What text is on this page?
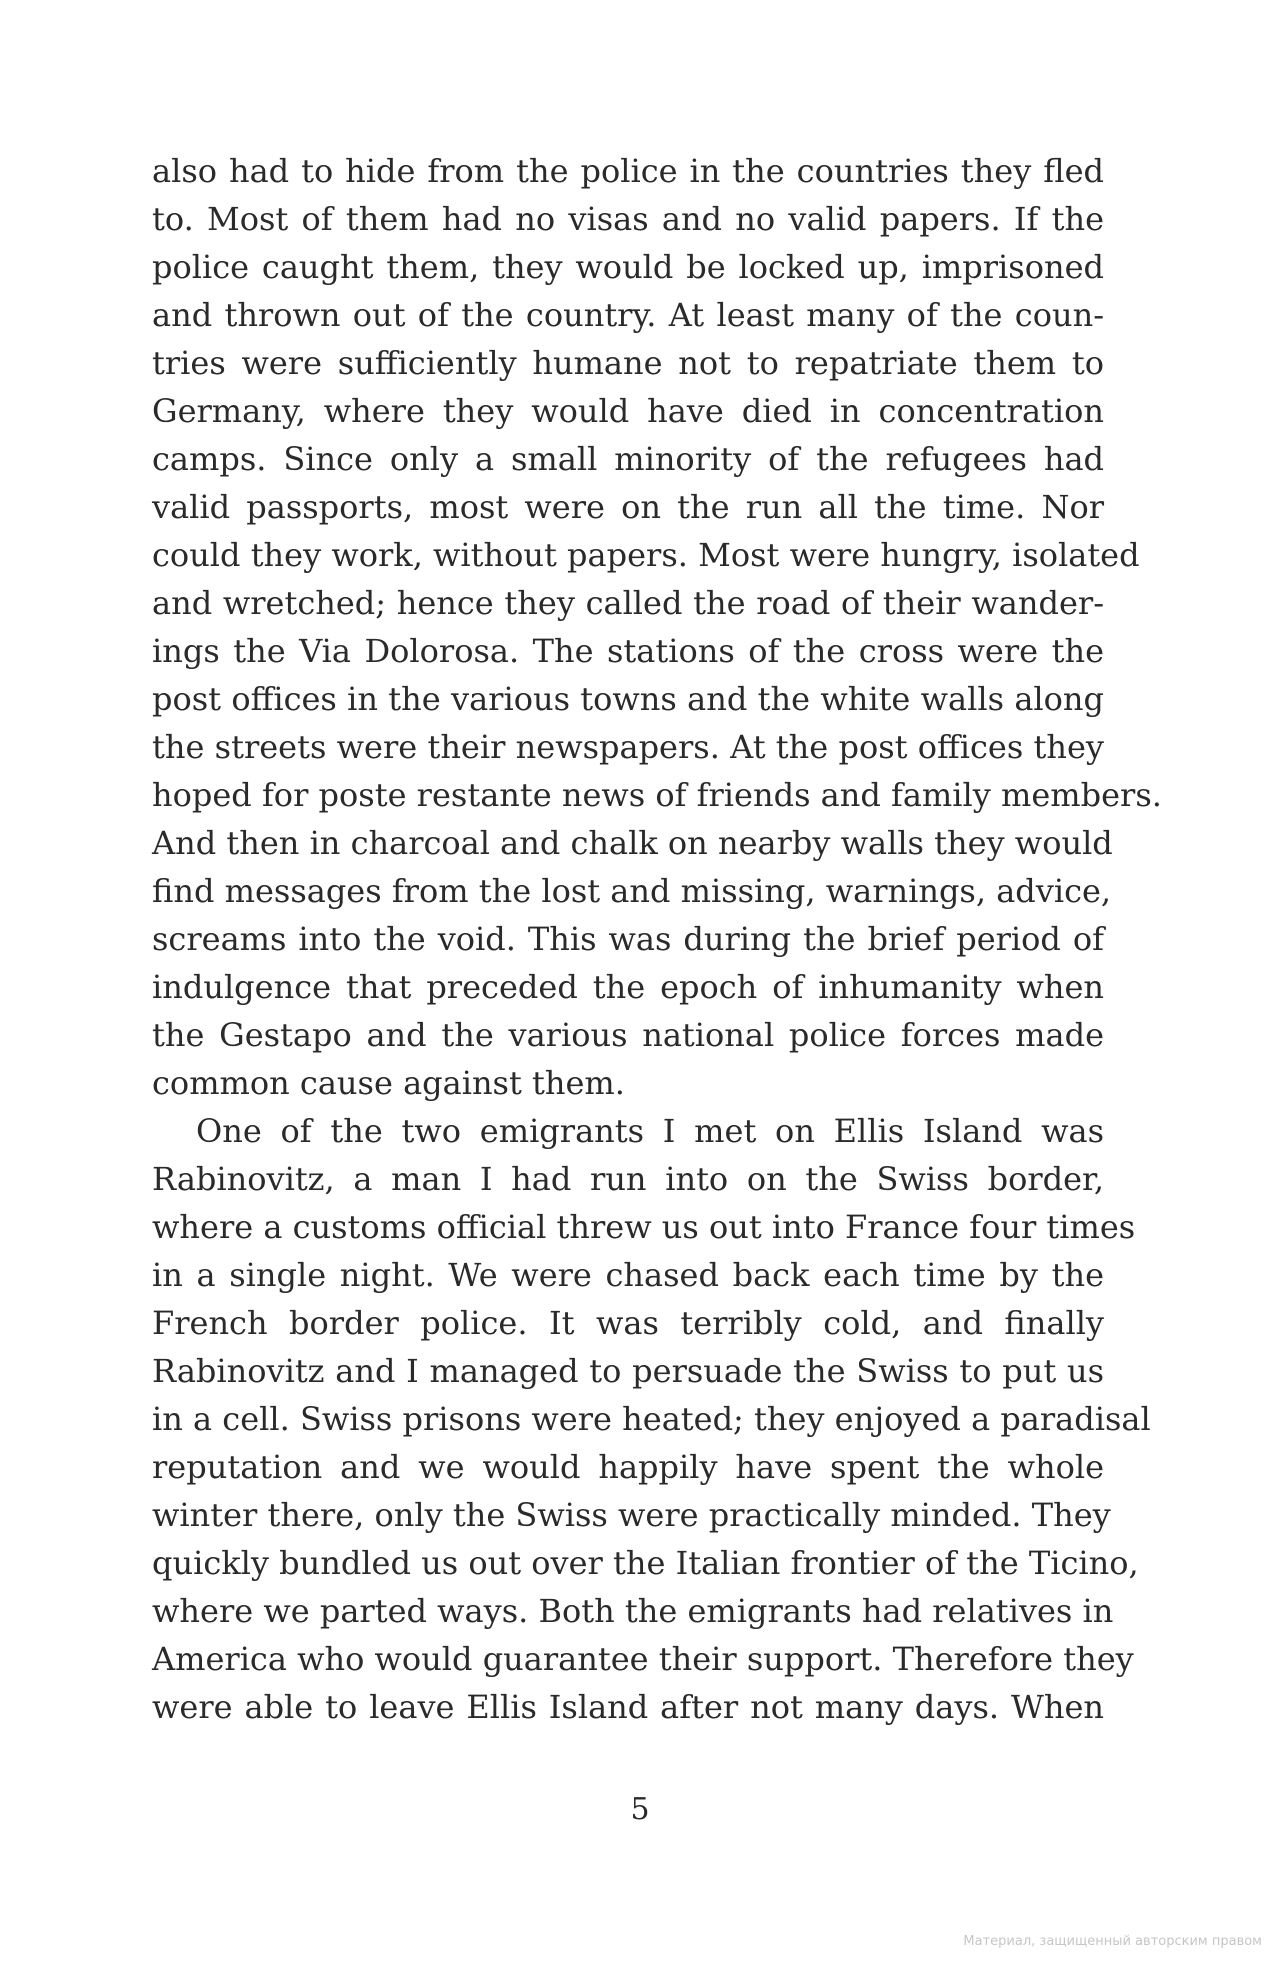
also had to hide from the police in the countries they fled
to. Most of them had no visas and no valid papers. If the
police caught them, they would be locked up, imprisoned
and thrown out of the country. At least many of the coun-
tries were sufficiently humane not to repatriate them to
Germany, where they would have died in concentration
camps. Since only a small minority of the refugees had
valid passports, most were on the run all the time. Nor
could they work, without papers. Most were hungry, isolated
and wretched; hence they called the road of their wander-
ings the Via Dolorosa. The stations of the cross were the
post offices in the various towns and the white walls along
the streets were their newspapers. At the post offices they
hoped for poste restante news of friends and family members.
And then in charcoal and chalk on nearby walls they would
find messages from the lost and missing, warnings, advice,
screams into the void. This was during the brief period of
indulgence that preceded the epoch of inhumanity when
the Gestapo and the various national police forces made
common cause against them.
One of the two emigrants I met on Ellis Island was
Rabinovitz, a man I had run into on the Swiss border,
where a customs official threw us out into France four times
in a single night. We were chased back each time by the
French border police. It was terribly cold, and finally
Rabinovitz and I managed to persuade the Swiss to put us
in a cell. Swiss prisons were heated; they enjoyed a paradisal
reputation and we would happily have spent the whole
winter there, only the Swiss were practically minded. They
quickly bundled us out over the Italian frontier of the Ticino,
where we parted ways. Both the emigrants had relatives in
America who would guarantee their support. Therefore they
were able to leave Ellis Island after not many days. When
5
Материал, защищенный авторским правом
